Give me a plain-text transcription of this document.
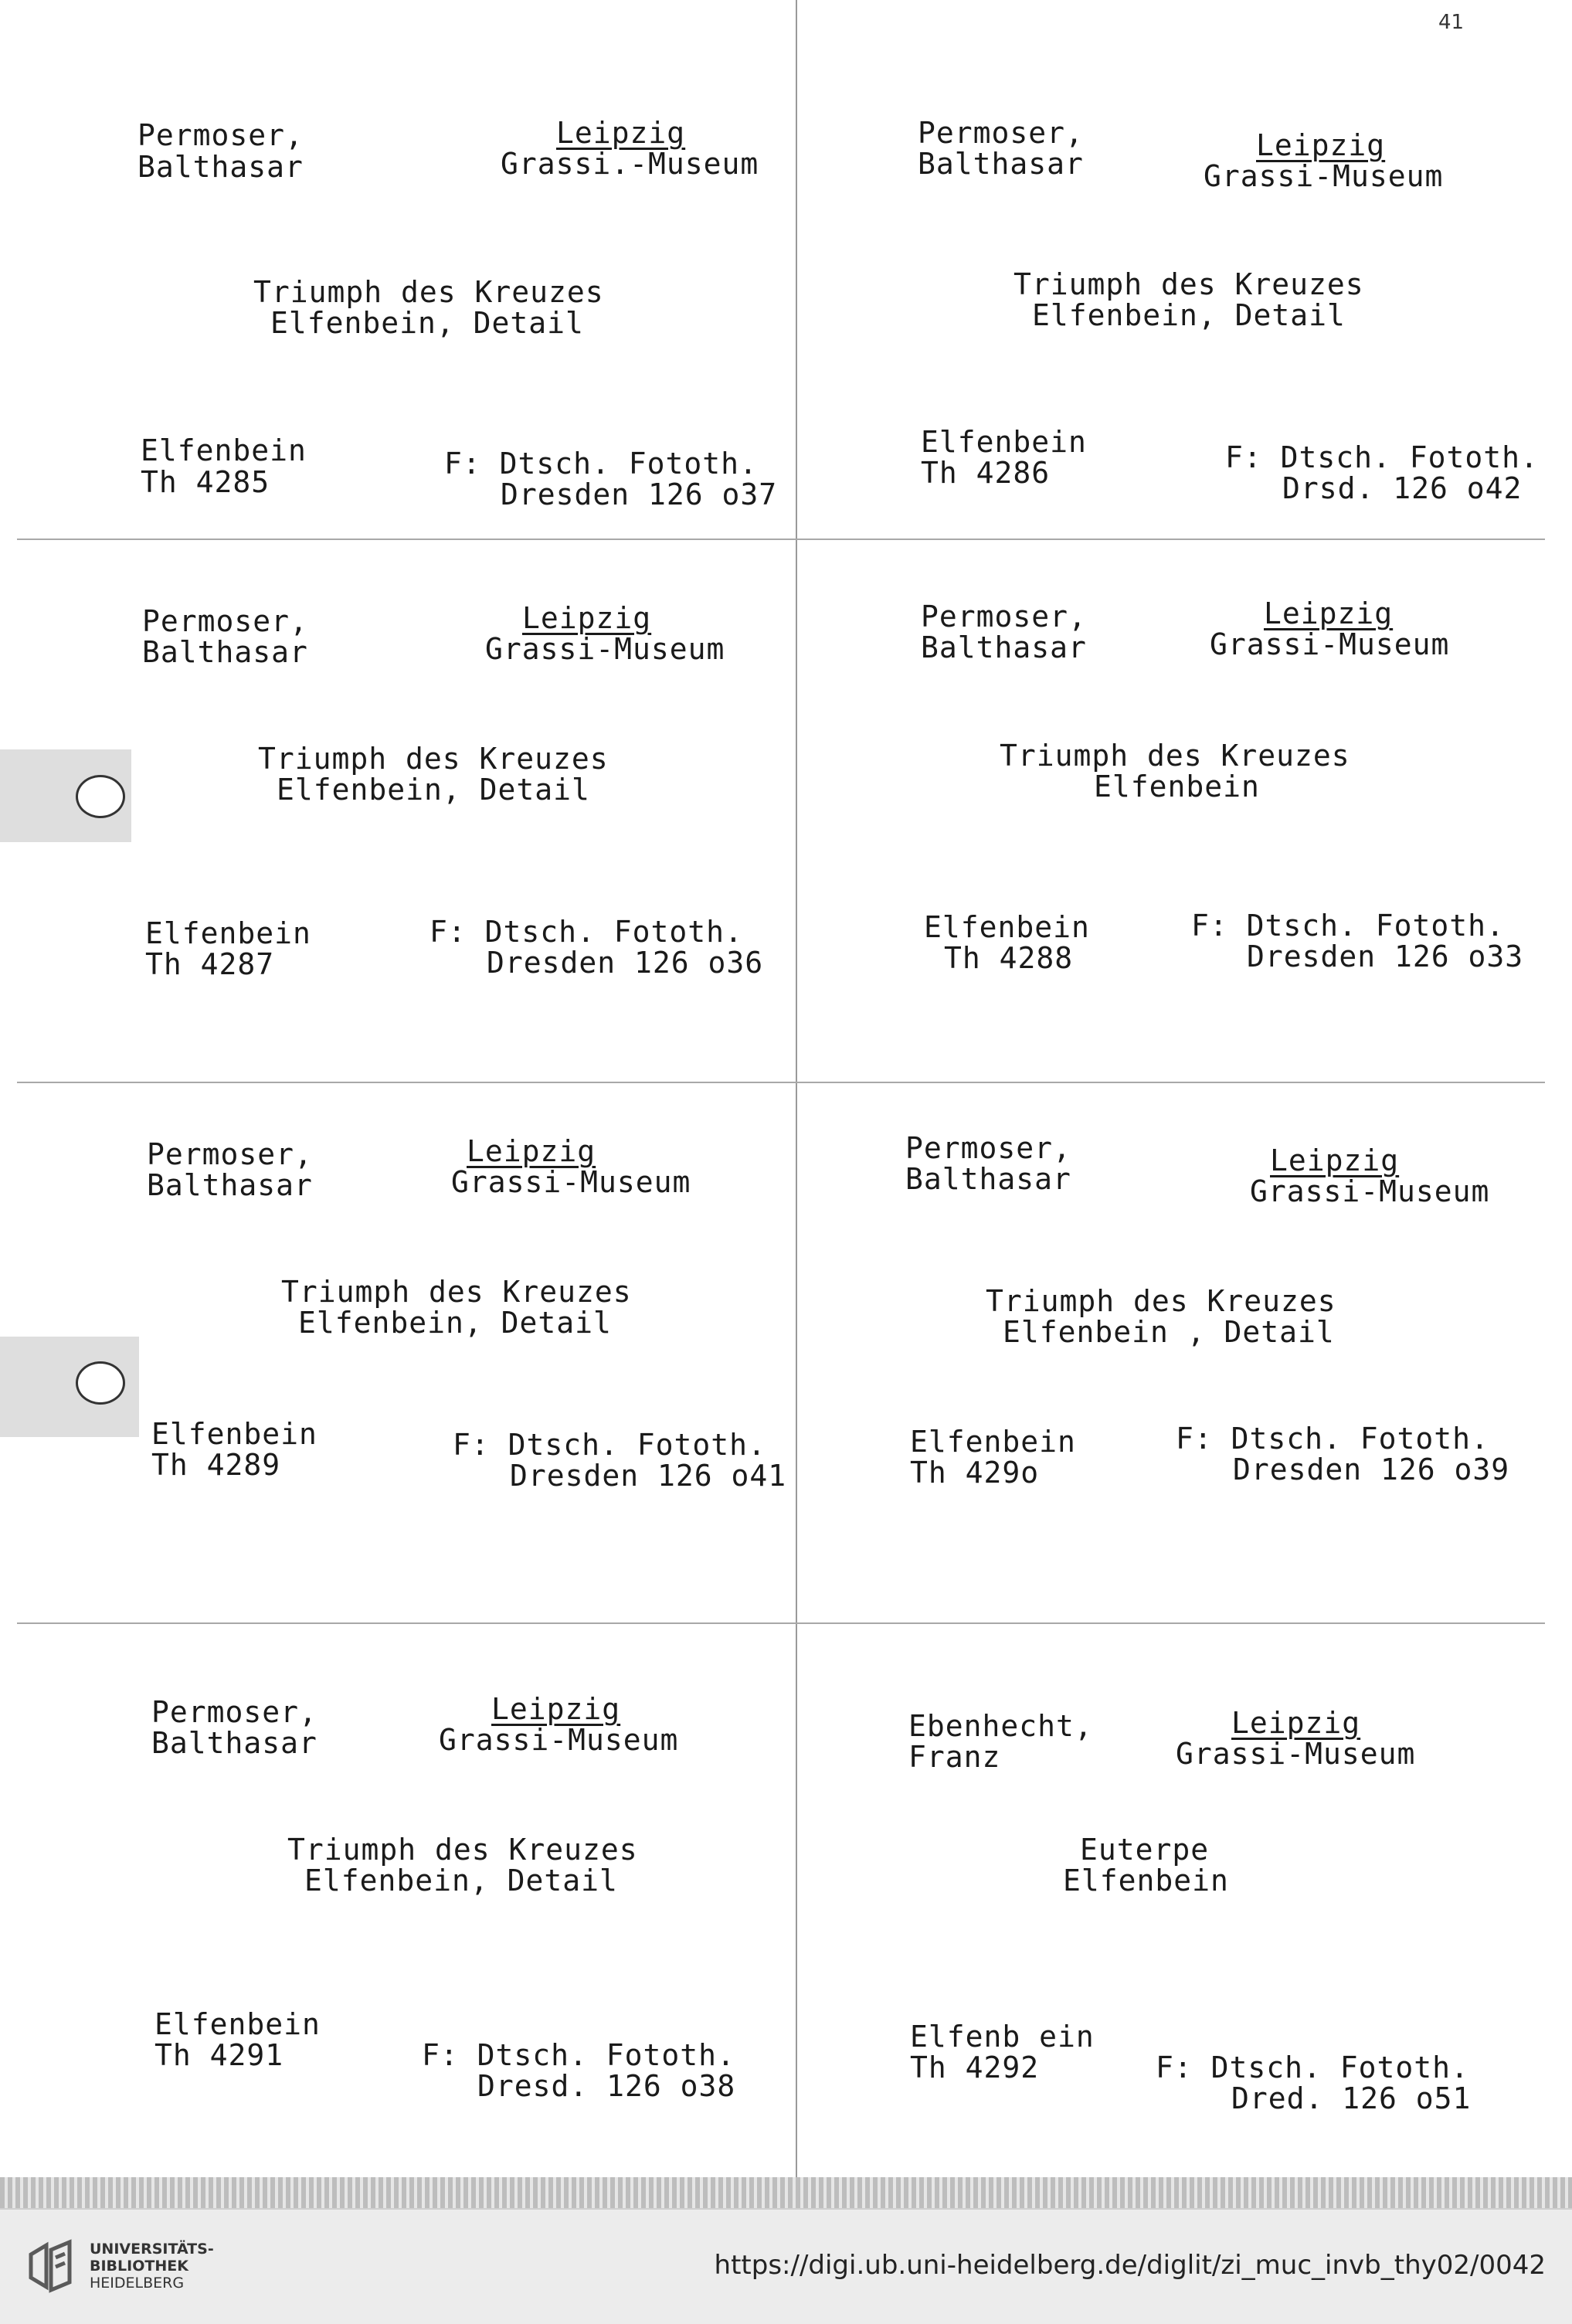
41
Permoser,
Balthasar
Leipzig
Grassi.-Museum
Triumph des Kreuzes
Elfenbein, Detail
Elfenbein
Th 4285
F: Dtsch. Fototh.
Dresden 126 o37
Permoser,
Balthasar
Leipzig
Grassi-Museum
Triumph des Kreuzes
Elfenbein, Detail
Elfenbein
Th 4286	F: Dtsch. Fototh.
Drsd. 126 o42
Permoser,
Balthasar
Leipzig
Grassi-Museum
Triumph des Kreuzes
Elfenbein, Detail
Elfenbein
Th 4287
F: Dtsch. Fototh.
Dresden 126 o36
Permoser,
Balthasar
Leipzig
Grassi-Museum
Triumph des Kreuzes
Elfenbein
Elfenbein
Th 4288
F: Dtsch. Fototh.
Dresden 126 o33
Permoser,
Balthasar
Leipzig
Grassi-Museum
Triumph des Kreuzes
Elfenbein, Detail
Elfenbein
Th 4289
F: Dtsch. Fototh.
Dresden 126 o41
Permoser,
Balthasar
Leipzig
Grassi-Museum
Triumph des Kreuzes
Elfenbein , Detail
Elfenbein
Th 429o
F: Dtsch. Fototh.
Dresden 126 o39
Permoser,
Balthasar
Leipzig
Grassi-Museum
Triumph des Kreuzes
Elfenbein, Detail
Elfenbein
Th 4291	F: Dtsch. Fototh.
Dresd. 126 o38
Ebenhecht,
Franz
Leipzig
Grassi-Museum
Euterpe
Elfenbein
Elfenb ein
Th 4292	F: Dtsch. Fototh.
Dred. 126 o51
UNIVERSITÄTS-
BIBLIOTHEK
HEIDELBERG
https://digi.ub.uni-heidelberg.de/diglit/zi_muc_invb_thy02/0042
